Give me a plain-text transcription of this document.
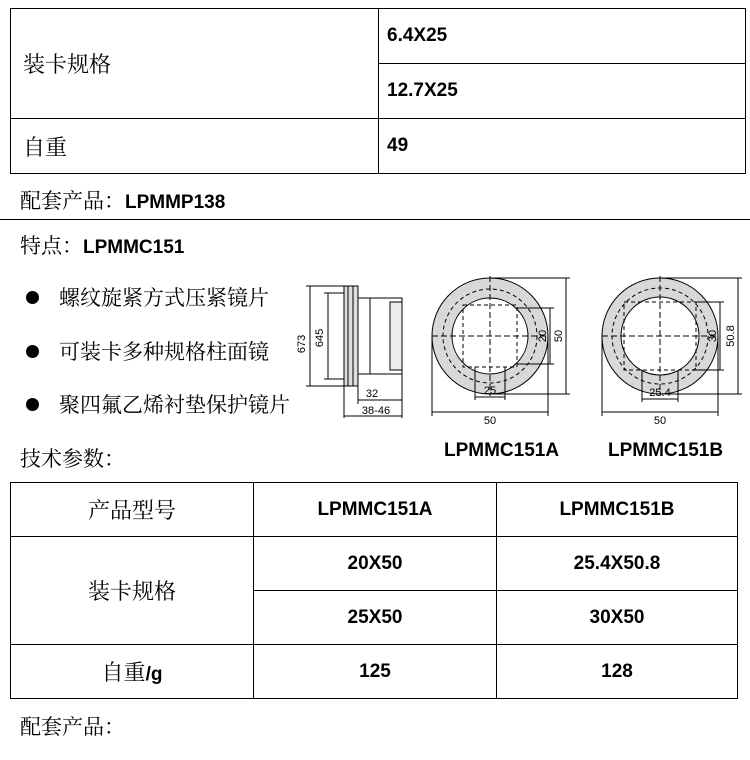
装卡规格	6.4X25
	12.7X25
自重	49
配套产品：LPMMP138
特点：LPMMC151
螺纹旋紧方式压紧镜片
可装卡多种规格柱面镜
聚四氟乙烯衬垫保护镜片
673 645
32
38-46
20 50
25
50
30 50.8
25.4
50
技术参数：	LPMMC151A	LPMMC151B
产品型号	LPMMC151A	LPMMC151B
装卡规格	20X50	25.4X50.8
	25X50	30X50
自重/g	125	128
配套产品：
